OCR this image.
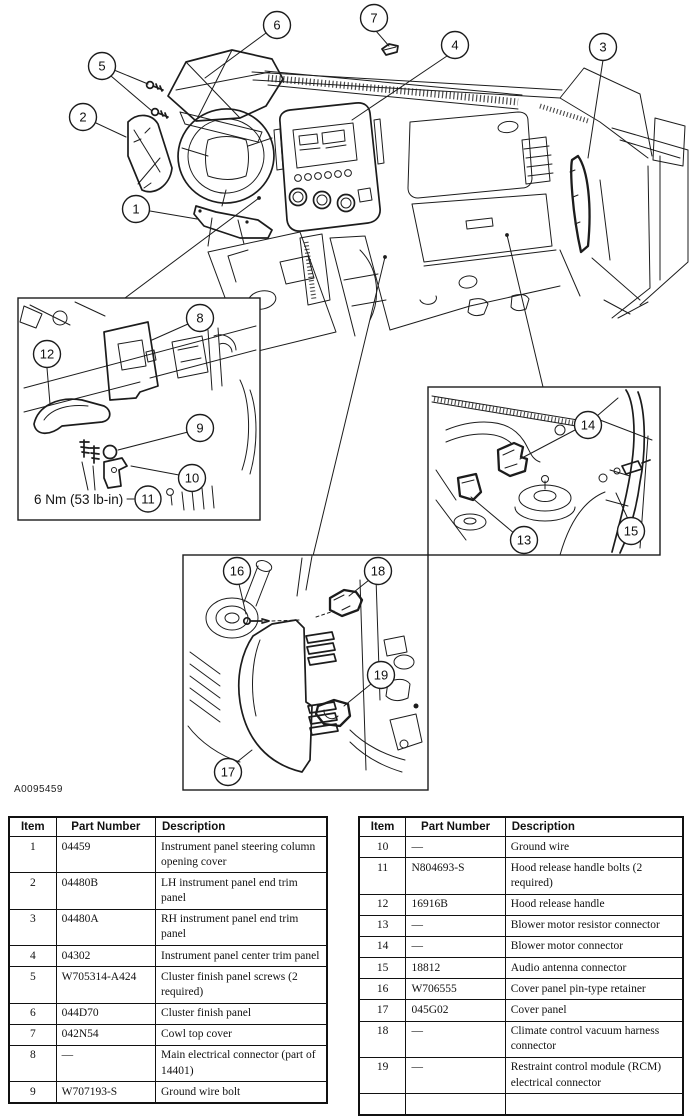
1
2
3
4
5
6	7
6 Nm (53 lb-in)
8
9
10
11
12
13
14
15
16
17
18
19
A0095459
Item	Part Number	Description
1	04459	Instrument panel steering column opening cover
2	04480B	LH instrument panel end trim panel
3	04480A	RH instrument panel end trim panel
4	04302	Instrument panel center trim panel
5	W705314-A424	Cluster finish panel screws (2 required)
6	044D70	Cluster finish panel
7	042N54	Cowl top cover
8	—	Main electrical connector (part of 14401)
9	W707193-S	Ground wire bolt
Item	Part Number	Description
10	—	Ground wire
11	N804693-S	Hood release handle bolts (2 required)
12	16916B	Hood release handle
13	—	Blower motor resistor connector
14	—	Blower motor connector
15	18812	Audio antenna connector
16	W706555	Cover panel pin-type retainer
17	045G02	Cover panel
18	—	Climate control vacuum harness connector
19	—	Restraint control module (RCM) electrical connector
